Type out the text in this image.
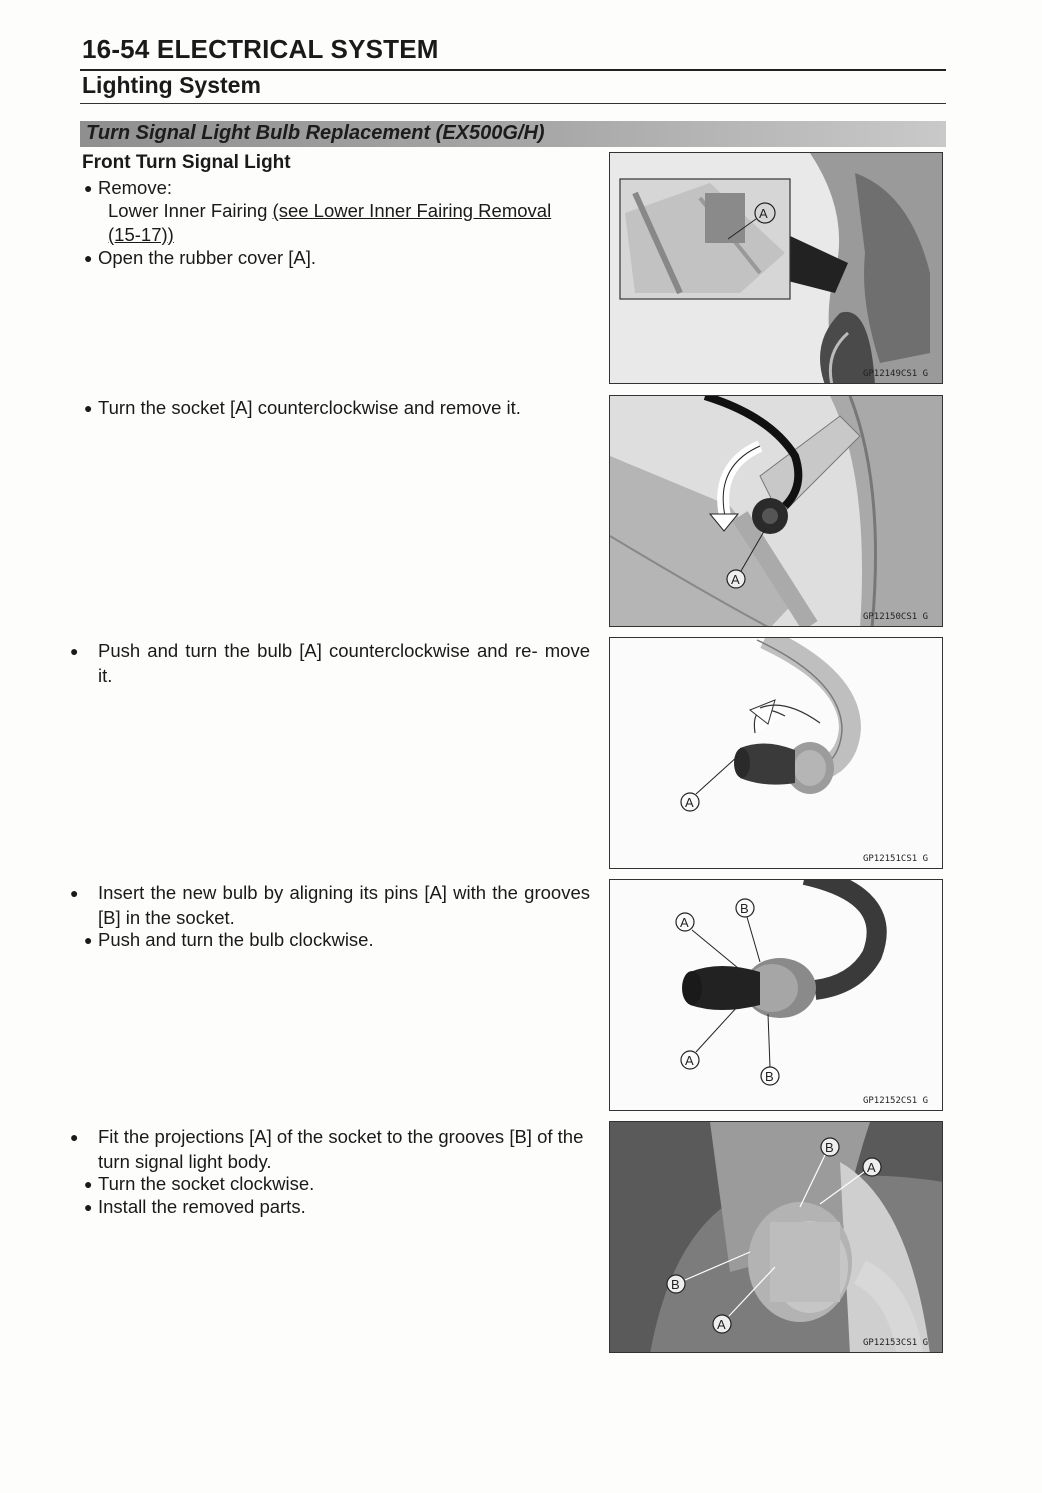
16-54 ELECTRICAL SYSTEM
Lighting System
Turn Signal Light Bulb Replacement (EX500G/H)
Front Turn Signal Light
● Remove:
Lower Inner Fairing (see Lower Inner Fairing Removal (15-17))
● Open the rubber cover [A].
● Turn the socket [A] counterclockwise and remove it.
● Push and turn the bulb [A] counterclockwise and re- move it.
● Insert the new bulb by aligning its pins [A] with the grooves [B] in the socket.
● Push and turn the bulb clockwise.
● Fit the projections [A] of the socket to the grooves [B] of the turn signal light body.
● Turn the socket clockwise.
● Install the removed parts.
A
GP12149CS1 G
A
GP12150CS1 G
A
GP12151CS1 G
A
B
A
B
GP12152CS1 G
B
A
B
A
GP12153CS1 G
